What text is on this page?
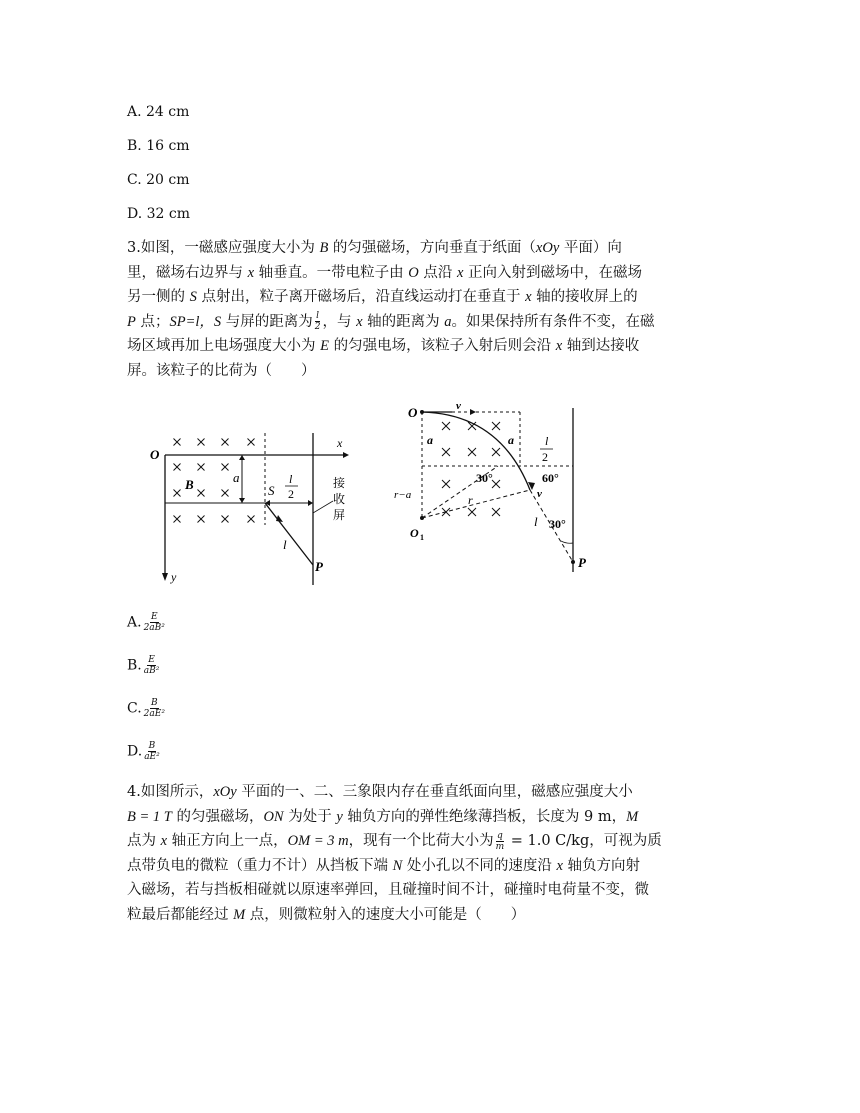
A. 24 cm
B. 16 cm
C. 20 cm
D. 32 cm

3.如图，一磁感应强度大小为 B 的匀强磁场，方向垂直于纸面（xOy 平面）向

里，磁场右边界与 x 轴垂直。一带电粒子由 O 点沿 x 正向入射到磁场中，在磁场

另一侧的 S 点射出，粒子离开磁场后，沿直线运动打在垂直于 x 轴的接收屏上的

P 点；SP=l，S 与屏的距离为 $\frac{l}{2}$ ，与 x 轴的距离为 a。如果保持所有条件不变，在磁

场区域再加上电场强度大小为 E 的匀强电场，该粒子入射后则会沿 x 轴到达接收

屏。该粒子的比荷为（　　）

O
x
y
B	a
S
l
2
接
收
屏
l
P
O	v
a	a	l
2
30°	60°
v
r−a	r
l 30°
O 1
P
A. $\frac{E}{\text{2aB²}}$
B. $\frac{E}{\text{aB²}}$
C. $\frac{B}{\text{2aE²}}$
D. $\frac{B}{\text{aE²}}$

4.如图所示，xOy 平面的一、二、三象限内存在垂直纸面向里，磁感应强度大小

B = 1 T 的匀强磁场，ON 为处于 y 轴负方向的弹性绝缘薄挡板，长度为 9 m，M

点为 x 轴正方向上一点，OM = 3 m，现有一个比荷大小为 $\frac{q}{m} = 1.0$ C/kg，可视为质

点带负电的微粒（重力不计）从挡板下端 N 处小孔以不同的速度沿 x 轴负方向射

入磁场，若与挡板相碰就以原速率弹回，且碰撞时间不计，碰撞时电荷量不变，微

粒最后都能经过 M 点，则微粒射入的速度大小可能是（　　）
